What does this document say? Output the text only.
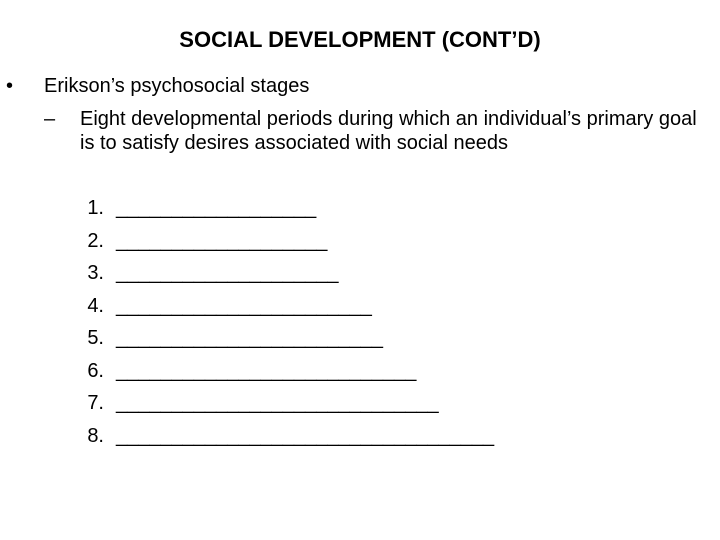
SOCIAL DEVELOPMENT (CONT’D)
• Erikson’s psychosocial stages
– Eight developmental periods during which an individual’s primary goal is to satisfy desires associated with social needs
1. __________________
2. ___________________
3. ____________________
4. _______________________
5. ________________________
6. ___________________________
7. _____________________________
8. __________________________________
